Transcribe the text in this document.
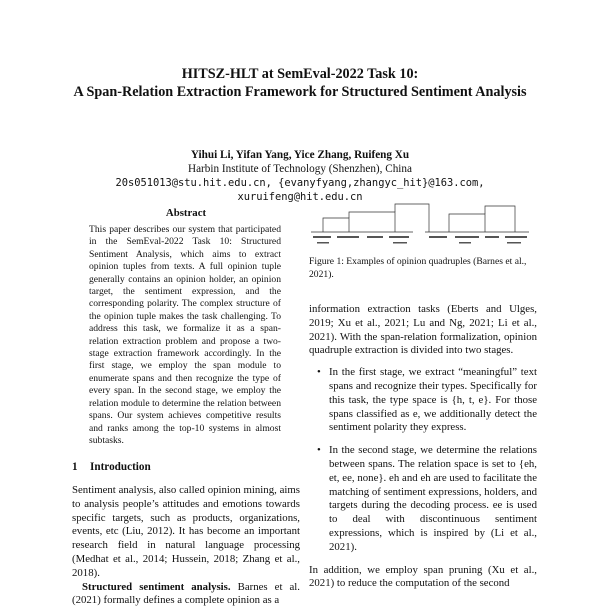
HITSZ-HLT at SemEval-2022 Task 10:
A Span-Relation Extraction Framework for Structured Sentiment Analysis
Yihui Li, Yifan Yang, Yice Zhang, Ruifeng Xu
Harbin Institute of Technology (Shenzhen), China
20s051013@stu.hit.edu.cn, {evanyfyang,zhangyc_hit}@163.com,
xuruifeng@hit.edu.cn
Abstract

This paper describes our system that participated in the SemEval-2022 Task 10: Structured Sentiment Analysis, which aims to extract opinion tuples from texts. A full opinion tuple generally contains an opinion holder, an opinion target, the sentiment expression, and the corresponding polarity. The complex structure of the opinion tuple makes the task challenging. To address this task, we formalize it as a span-relation extraction problem and propose a two-stage extraction framework accordingly. In the first stage, we employ the span module to enumerate spans and then recognize the type of every span. In the second stage, we employ the relation module to determine the relation between spans. Our system achieves competitive results and ranks among the top-10 systems in almost subtasks.

1 Introduction

Sentiment analysis, also called opinion mining, aims to analysis people’s attitudes and emotions towards specific targets, such as products, organizations, events, etc (Liu, 2012). It has become an important research field in natural language processing (Medhat et al., 2014; Hussein, 2018; Zhang et al., 2018).

Structured sentiment analysis. Barnes et al. (2021) formally defines a complete opinion as a

Figure 1: Examples of opinion quadruples (Barnes et al., 2021).

information extraction tasks (Eberts and Ulges, 2019; Xu et al., 2021; Lu and Ng, 2021; Li et al., 2021). With the span-relation formalization, opinion quadruple extraction is divided into two stages.

• In the first stage, we extract “meaningful” text spans and recognize their types. Specifically for this task, the type space is {h, t, e}. For those spans classified as e, we additionally detect the sentiment polarity they express.
• In the second stage, we determine the relations between spans. The relation space is set to {eh, et, ee, none}. eh and eh are used to facilitate the matching of sentiment expressions, holders, and targets during the decoding process. ee is used to deal with discontinuous sentiment expressions, which is inspired by (Li et al., 2021).

In addition, we employ span pruning (Xu et al., 2021) to reduce the computation of the second
